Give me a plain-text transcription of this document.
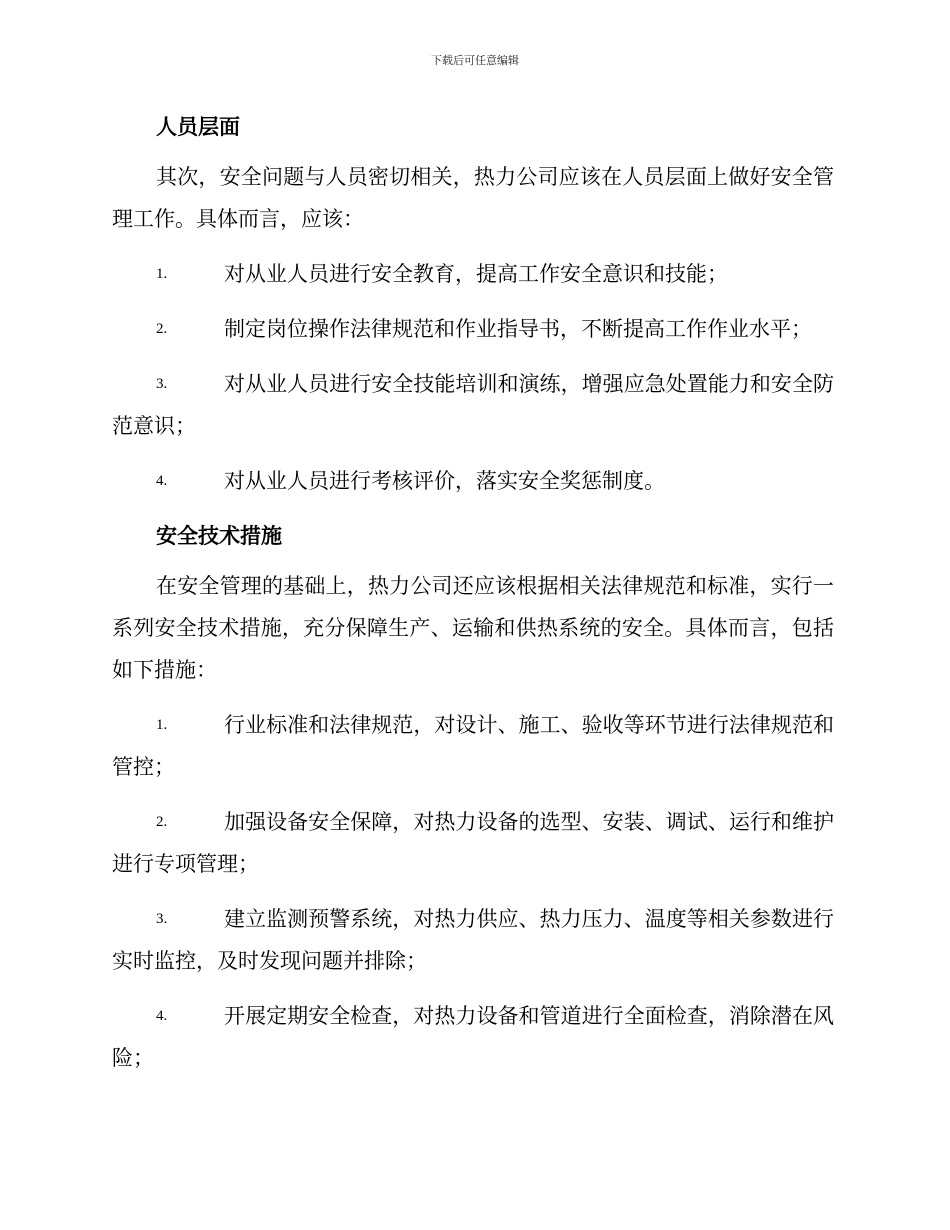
下载后可任意编辑
人员层面

其次，安全问题与人员密切相关，热力公司应该在人员层面上做好安全管理工作。具体而言，应该：

1.	对从业人员进行安全教育，提高工作安全意识和技能；
2.	制定岗位操作法律规范和作业指导书，不断提高工作作业水平；
3.	对从业人员进行安全技能培训和演练，增强应急处置能力和安全防范意识；
4.	对从业人员进行考核评价，落实安全奖惩制度。
安全技术措施

在安全管理的基础上，热力公司还应该根据相关法律规范和标准，实行一系列安全技术措施，充分保障生产、运输和供热系统的安全。具体而言，包括如下措施：

1.	行业标准和法律规范，对设计、施工、验收等环节进行法律规范和管控；
2.	加强设备安全保障，对热力设备的选型、安装、调试、运行和维护进行专项管理；
3.	建立监测预警系统，对热力供应、热力压力、温度等相关参数进行实时监控，及时发现问题并排除；
4.	开展定期安全检查，对热力设备和管道进行全面检查，消除潜在风险；
